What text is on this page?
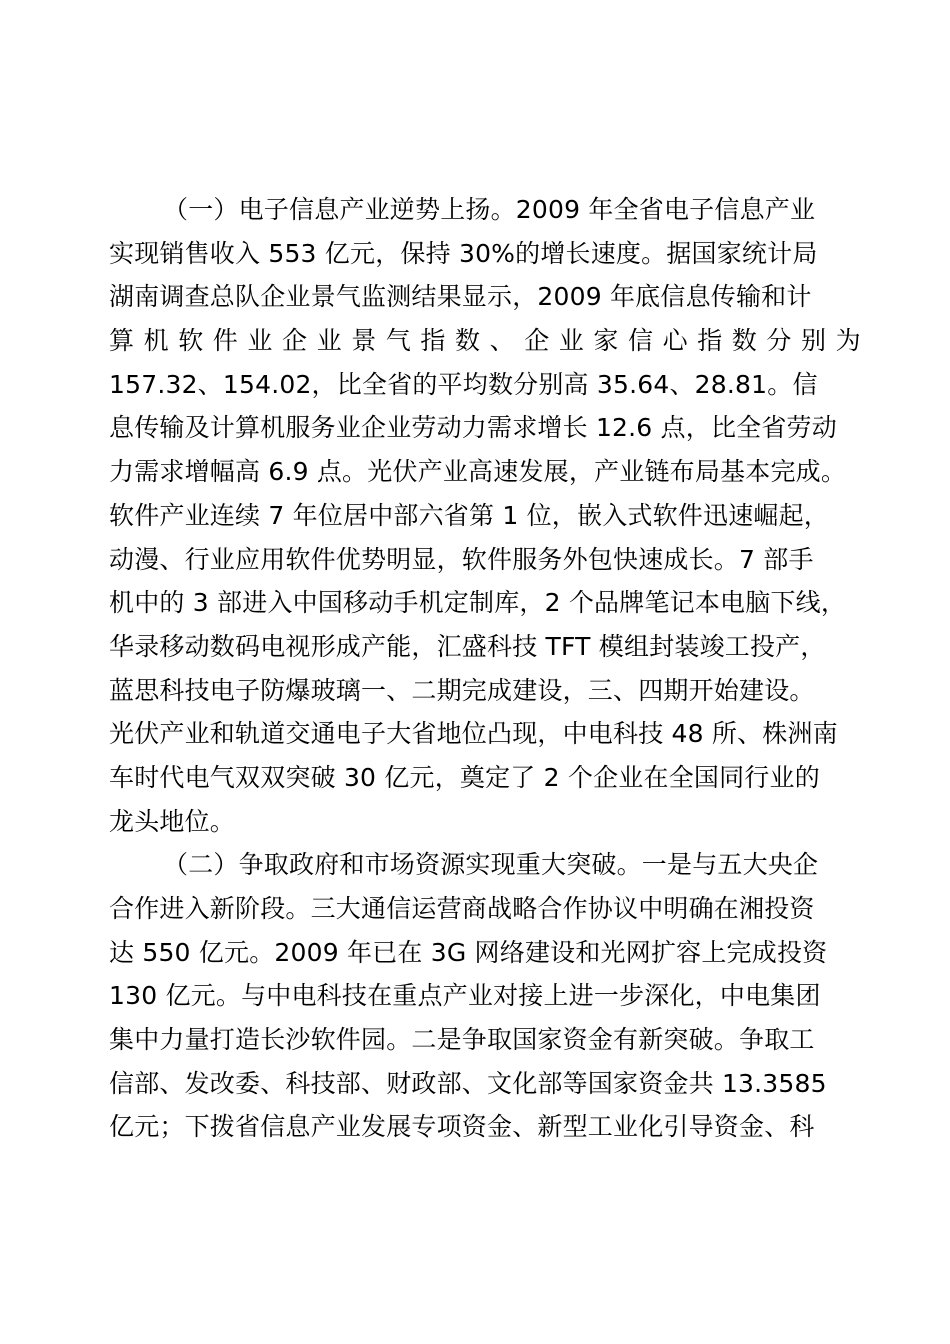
（一）电子信息产业逆势上扬。2009 年全省电子信息产业
实现销售收入 553 亿元，保持 30%的增长速度。据国家统计局
湖南调查总队企业景气监测结果显示，2009 年底信息传输和计
算机软件业企业景气指数、企业家信心指数分别为
157.32、154.02，比全省的平均数分别高 35.64、28.81。信
息传输及计算机服务业企业劳动力需求增长 12.6 点，比全省劳动
力需求增幅高 6.9 点。光伏产业高速发展，产业链布局基本完成。
软件产业连续 7 年位居中部六省第 1 位，嵌入式软件迅速崛起，
动漫、行业应用软件优势明显，软件服务外包快速成长。7 部手
机中的 3 部进入中国移动手机定制库，2 个品牌笔记本电脑下线，
华录移动数码电视形成产能，汇盛科技 TFT 模组封装竣工投产，
蓝思科技电子防爆玻璃一、二期完成建设，三、四期开始建设。
光伏产业和轨道交通电子大省地位凸现，中电科技 48 所、株洲南
车时代电气双双突破 30 亿元，奠定了 2 个企业在全国同行业的
龙头地位。
（二）争取政府和市场资源实现重大突破。一是与五大央企
合作进入新阶段。三大通信运营商战略合作协议中明确在湘投资
达 550 亿元。2009 年已在 3G 网络建设和光网扩容上完成投资
130 亿元。与中电科技在重点产业对接上进一步深化，中电集团
集中力量打造长沙软件园。二是争取国家资金有新突破。争取工
信部、发改委、科技部、财政部、文化部等国家资金共 13.3585
亿元；下拨省信息产业发展专项资金、新型工业化引导资金、科
